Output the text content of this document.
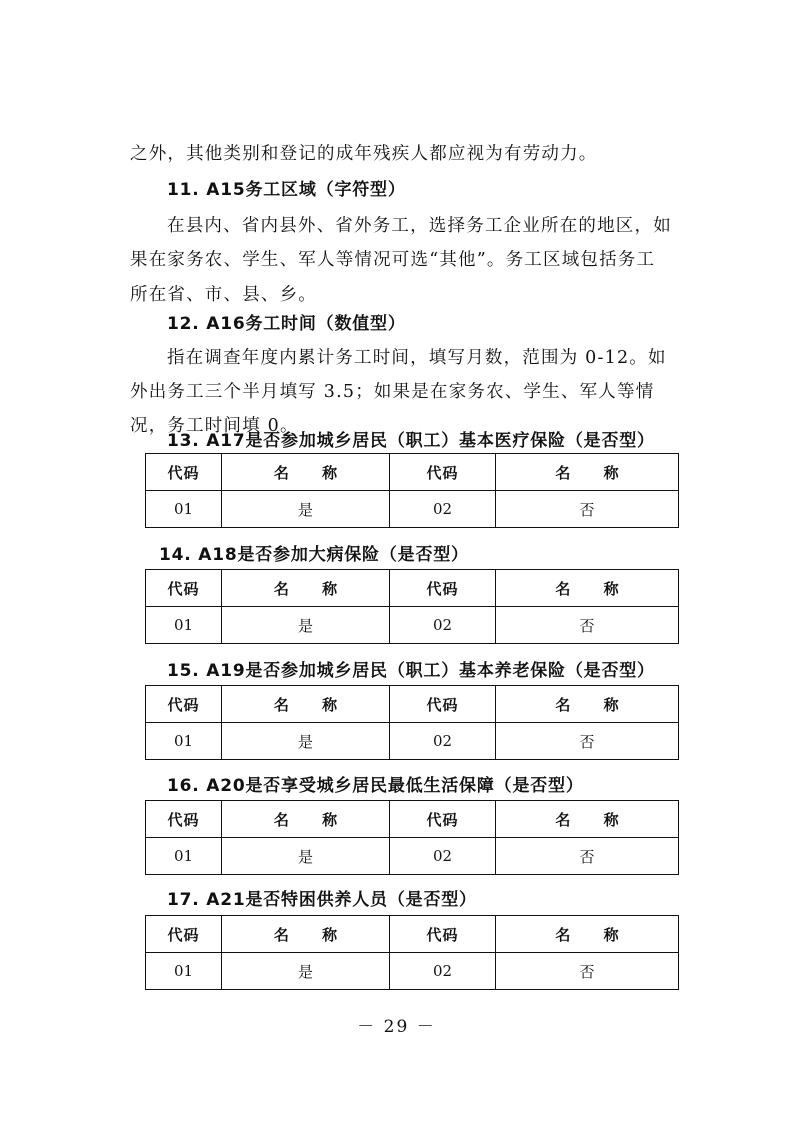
之外，其他类别和登记的成年残疾人都应视为有劳动力。
11. A15务工区域（字符型）
在县内、省内县外、省外务工，选择务工企业所在的地区，如
果在家务农、学生、军人等情况可选“其他”。务工区域包括务工
所在省、市、县、乡。
12. A16务工时间（数值型）
指在调查年度内累计务工时间，填写月数，范围为 0-12。如
外出务工三个半月填写 3.5；如果是在家务农、学生、军人等情
况，务工时间填 0。
13. A17是否参加城乡居民（职工）基本医疗保险（是否型）
代码	名 称	代码	名 称
01	是	02	否
14. A18是否参加大病保险（是否型）
代码	名 称	代码	名 称
01	是	02	否
15. A19是否参加城乡居民（职工）基本养老保险（是否型）
代码	名 称	代码	名 称
01	是	02	否
16. A20是否享受城乡居民最低生活保障（是否型）
代码	名 称	代码	名 称
01	是	02	否
17. A21是否特困供养人员（是否型）
代码	名 称	代码	名 称
01	是	02	否
－ 29 －
